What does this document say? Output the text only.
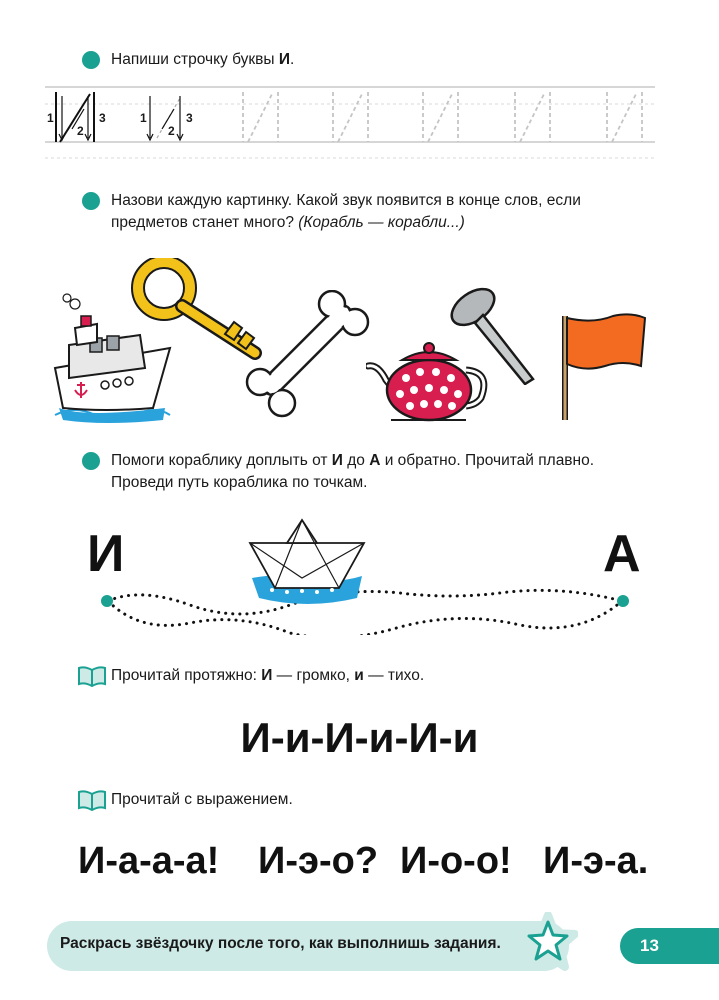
Напиши строчку буквы И.
1
2
3	1
2
3
Назови каждую картинку. Какой звук появится в конце слов, если
предметов станет много? (Корабль — корабли...)
Помоги кораблику доплыть от И до А и обратно. Прочитай плавно.
Проведи путь кораблика по точкам.
И	А
Прочитай протяжно: И — громко, и — тихо.
И-и-И-и-И-и
Прочитай с выражением.
И-а-а-а! И-э-о? И-о-о! И-э-а.
Раскрась звёздочку после того, как выполнишь задания.	13
